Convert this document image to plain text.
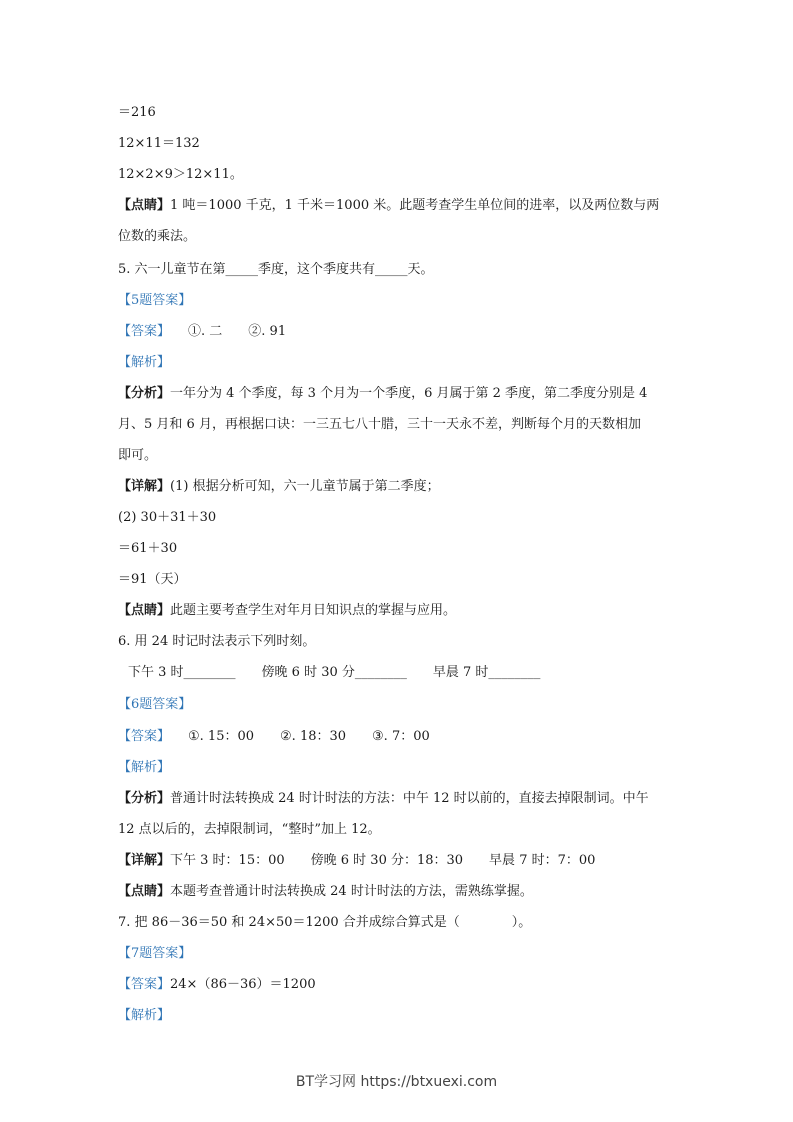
＝216
12×11＝132
12×2×9＞12×11。
【点睛】1 吨＝1000 千克，1 千米＝1000 米。此题考查学生单位间的进率，以及两位数与两
位数的乘法。
5. 六一儿童节在第_____季度，这个季度共有_____天。
【5题答案】
【答案】 ①. 二　　②. 91
【解析】
【分析】一年分为 4 个季度，每 3 个月为一个季度，6 月属于第 2 季度，第二季度分别是 4
月、5 月和 6 月，再根据口诀：一三五七八十腊，三十一天永不差，判断每个月的天数相加
即可。
【详解】(1) 根据分析可知，六一儿童节属于第二季度；
(2) 30＋31＋30
＝61＋30
＝91（天）
【点睛】此题主要考查学生对年月日知识点的掌握与应用。
6. 用 24 时记时法表示下列时刻。
下午 3 时________　　傍晚 6 时 30 分________　　早晨 7 时________
【6题答案】
【答案】 ①. 15：00　　②. 18：30　　③. 7：00
【解析】
【分析】普通计时法转换成 24 时计时法的方法：中午 12 时以前的，直接去掉限制词。中午
12 点以后的，去掉限制词，“整时”加上 12。
【详解】下午 3 时：15：00　　傍晚 6 时 30 分：18：30　　早晨 7 时：7：00
【点睛】本题考查普通计时法转换成 24 时计时法的方法，需熟练掌握。
7. 把 86－36＝50 和 24×50＝1200 合并成综合算式是（　　　　）。
【7题答案】
【答案】24×（86－36）＝1200
【解析】
BT学习网 https://btxuexi.com
